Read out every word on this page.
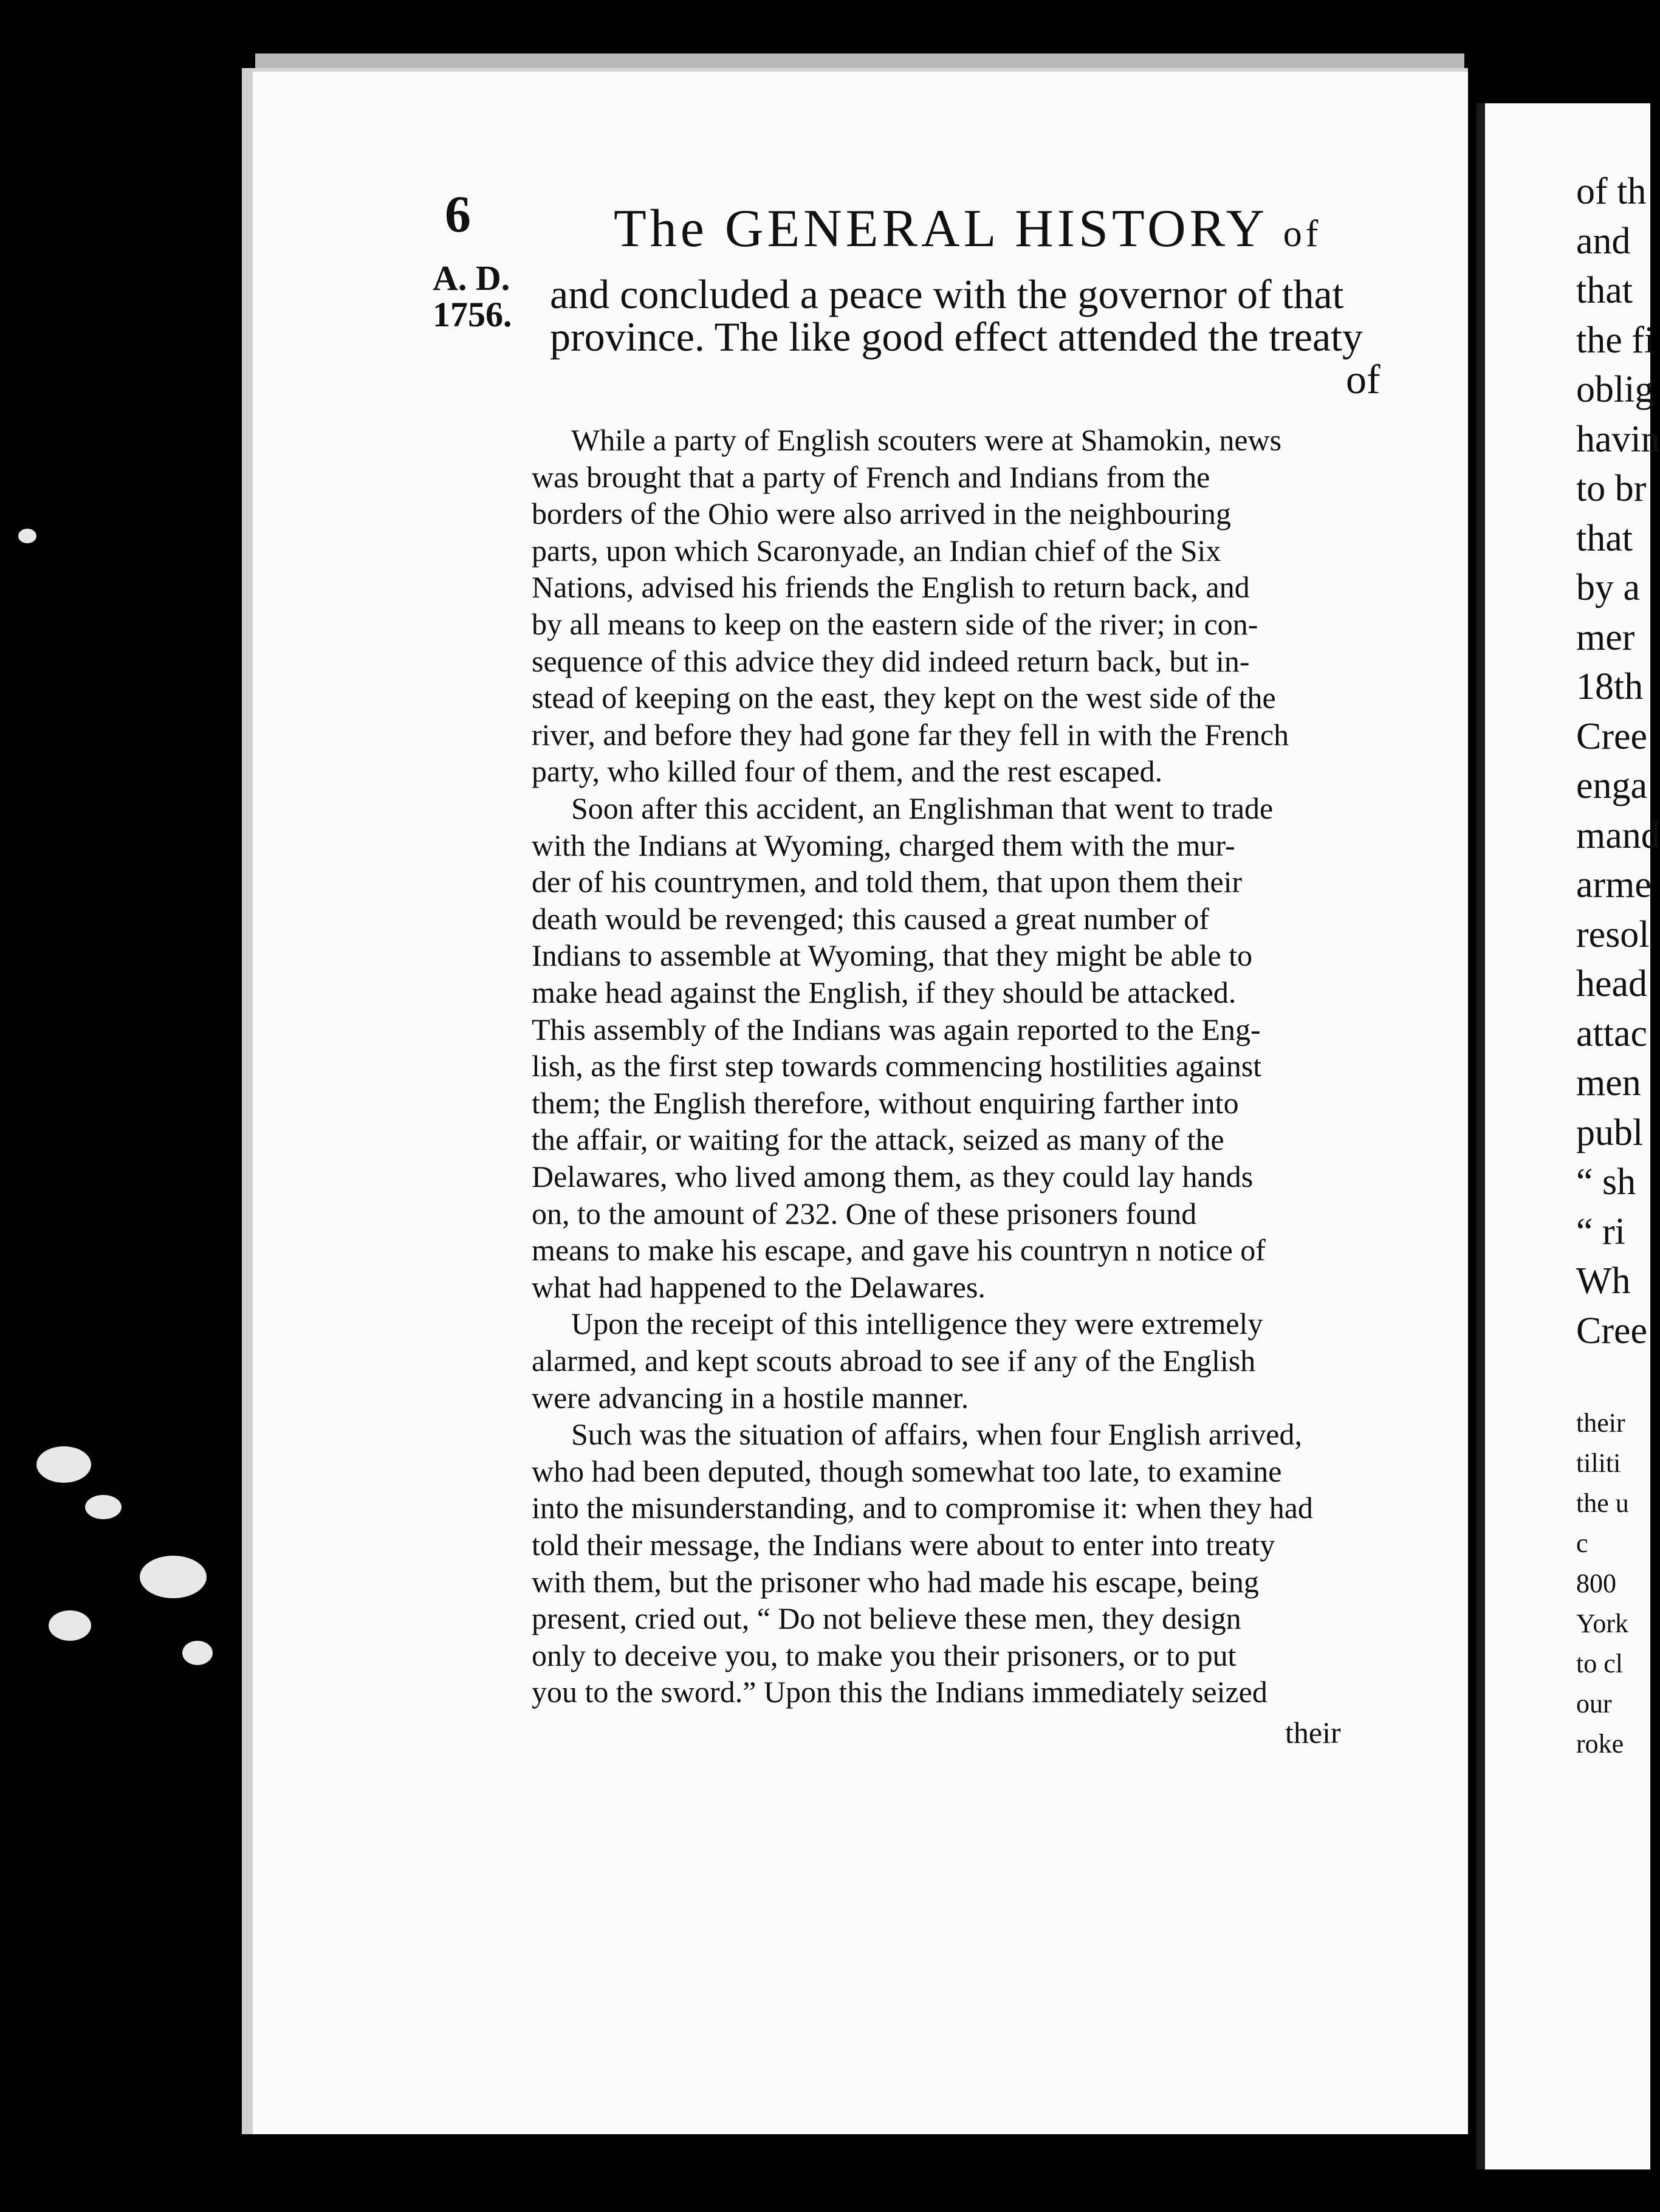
of th
and
that
the fi
oblig
havin
to br
that
by a
mer
18th
Cree
enga
mand
arme
resol
head
attac
men
publ
“ sh
“ ri
Wh
Cree
their
tiliti
the u
c
800
York
to cl
our
roke
6	The GENERAL HISTORY of
A. D.
1756. and concluded a peace with the governor of that
province. The like good effect attended the treaty
of
While a party of English scouters were at Shamokin, news
was brought that a party of French and Indians from the
borders of the Ohio were also arrived in the neighbouring
parts, upon which Scaronyade, an Indian chief of the Six
Nations, advised his friends the English to return back, and
by all means to keep on the eastern side of the river; in con-
sequence of this advice they did indeed return back, but in-
stead of keeping on the east, they kept on the west side of the
river, and before they had gone far they fell in with the French
party, who killed four of them, and the rest escaped.
Soon after this accident, an Englishman that went to trade
with the Indians at Wyoming, charged them with the mur-
der of his countrymen, and told them, that upon them their
death would be revenged; this caused a great number of
Indians to assemble at Wyoming, that they might be able to
make head against the English, if they should be attacked.
This assembly of the Indians was again reported to the Eng-
lish, as the first step towards commencing hostilities against
them; the English therefore, without enquiring farther into
the affair, or waiting for the attack, seized as many of the
Delawares, who lived among them, as they could lay hands
on, to the amount of 232. One of these prisoners found
means to make his escape, and gave his countryn n notice of
what had happened to the Delawares.
Upon the receipt of this intelligence they were extremely
alarmed, and kept scouts abroad to see if any of the English
were advancing in a hostile manner.
Such was the situation of affairs, when four English arrived,
who had been deputed, though somewhat too late, to examine
into the misunderstanding, and to compromise it: when they had
told their message, the Indians were about to enter into treaty
with them, but the prisoner who had made his escape, being
present, cried out, “ Do not believe these men, they design
only to deceive you, to make you their prisoners, or to put
you to the sword.” Upon this the Indians immediately seized
their
